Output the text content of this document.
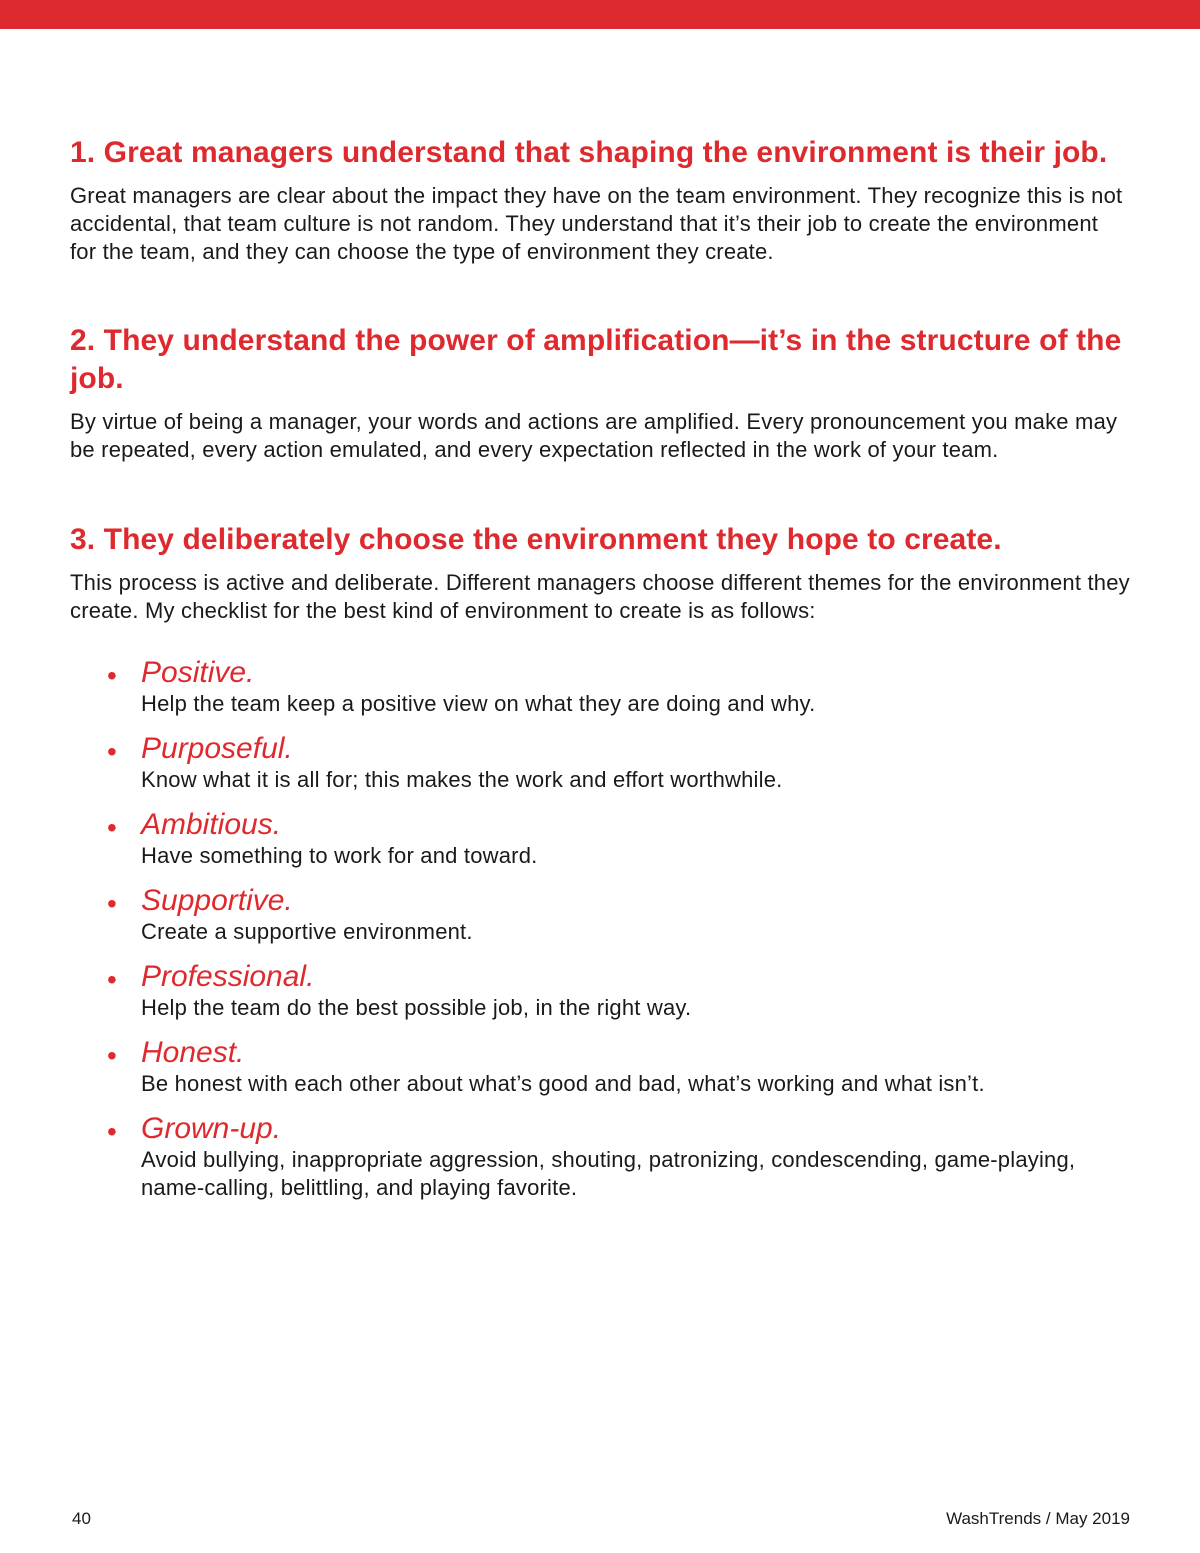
1. Great managers understand that shaping the environment is their job.

Great managers are clear about the impact they have on the team environment. They recognize this is not accidental, that team culture is not random. They understand that it’s their job to create the environment for the team, and they can choose the type of environment they create.

2. They understand the power of amplification—it’s in the structure of the job.

By virtue of being a manager, your words and actions are amplified. Every pronouncement you make may be repeated, every action emulated, and every expectation reflected in the work of your team.

3. They deliberately choose the environment they hope to create.

This process is active and deliberate. Different managers choose different themes for the environment they create. My checklist for the best kind of environment to create is as follows:

• Positive.
Help the team keep a positive view on what they are doing and why.
• Purposeful.
Know what it is all for; this makes the work and effort worthwhile.
• Ambitious.
Have something to work for and toward.
• Supportive.
Create a supportive environment.
• Professional.
Help the team do the best possible job, in the right way.
• Honest.
Be honest with each other about what’s good and bad, what’s working and what isn’t.
• Grown-up.
Avoid bullying, inappropriate aggression, shouting, patronizing, condescending, game-playing, name-calling, belittling, and playing favorite.
40	WashTrends / May 2019
